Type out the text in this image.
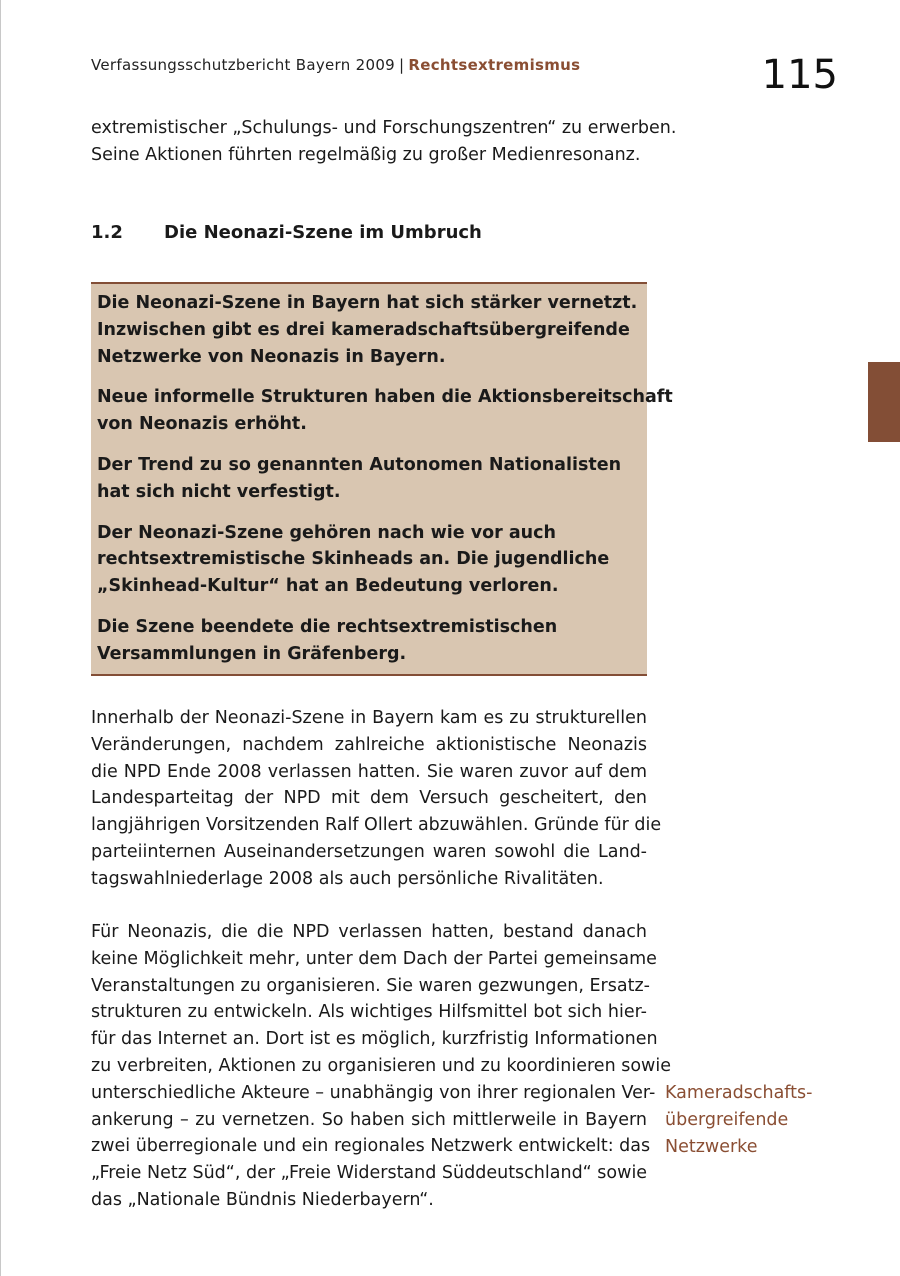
Verfassungsschutzbericht Bayern 2009 | Rechtsextremismus	115
extremistischer „Schulungs- und Forschungszentren“ zu erwerben.
Seine Aktionen führten regelmäßig zu großer Medienresonanz.
1.2 Die Neonazi-Szene im Umbruch
Die Neonazi-Szene in Bayern hat sich stärker vernetzt.
Inzwischen gibt es drei kameradschaftsübergreifende
Netzwerke von Neonazis in Bayern.
Neue informelle Strukturen haben die Aktionsbereitschaft
von Neonazis erhöht.
Der Trend zu so genannten Autonomen Nationalisten
hat sich nicht verfestigt.
Der Neonazi-Szene gehören nach wie vor auch
rechtsextremistische Skinheads an. Die jugendliche
„Skinhead-Kultur“ hat an Bedeutung verloren.
Die Szene beendete die rechtsextremistischen
Versammlungen in Gräfenberg.
Innerhalb der Neonazi-Szene in Bayern kam es zu strukturellen
Veränderungen, nachdem zahlreiche aktionistische Neonazis
die NPD Ende 2008 verlassen hatten. Sie waren zuvor auf dem
Landesparteitag der NPD mit dem Versuch gescheitert, den
langjährigen Vorsitzenden Ralf Ollert abzuwählen. Gründe für die
parteiinternen Auseinandersetzungen waren sowohl die Land-
tagswahlniederlage 2008 als auch persönliche Rivalitäten.
Für Neonazis, die die NPD verlassen hatten, bestand danach
keine Möglichkeit mehr, unter dem Dach der Partei gemeinsame
Veranstaltungen zu organisieren. Sie waren gezwungen, Ersatz-
strukturen zu entwickeln. Als wichtiges Hilfsmittel bot sich hier-
für das Internet an. Dort ist es möglich, kurzfristig Informationen
zu verbreiten, Aktionen zu organisieren und zu koordinieren sowie
unterschiedliche Akteure – unabhängig von ihrer regionalen Ver-
ankerung – zu vernetzen. So haben sich mittlerweile in Bayern
zwei überregionale und ein regionales Netzwerk entwickelt: das
„Freie Netz Süd“, der „Freie Widerstand Süddeutschland“ sowie
das „Nationale Bündnis Niederbayern“.
Kameradschafts-
übergreifende
Netzwerke
